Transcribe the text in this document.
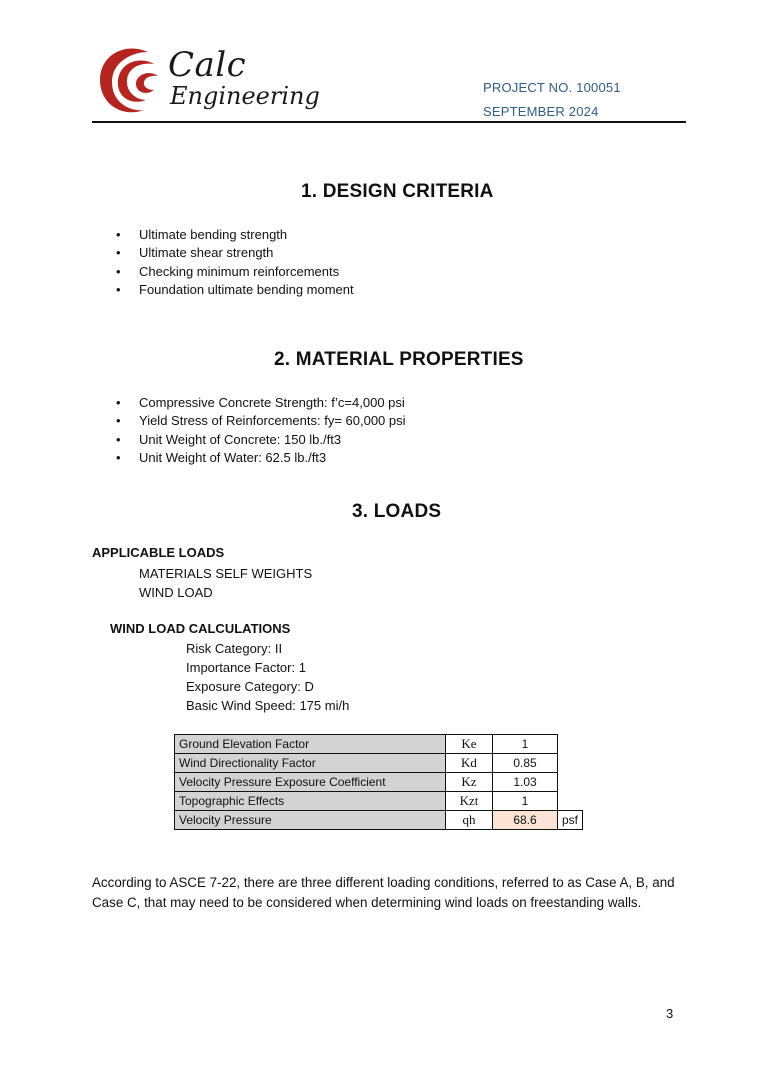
Calc
Engineering	PROJECT NO. 100051
SEPTEMBER 2024
1. DESIGN CRITERIA
• Ultimate bending strength
• Ultimate shear strength
• Checking minimum reinforcements
• Foundation ultimate bending moment
2. MATERIAL PROPERTIES
• Compressive Concrete Strength: f’c=4,000 psi
• Yield Stress of Reinforcements: fy= 60,000 psi
• Unit Weight of Concrete: 150 lb./ft3
• Unit Weight of Water: 62.5 lb./ft3
3. LOADS
APPLICABLE LOADS
MATERIALS SELF WEIGHTS
WIND LOAD
WIND LOAD CALCULATIONS
Risk Category: II
Importance Factor: 1
Exposure Category: D
Basic Wind Speed: 175 mi/h
Ground Elevation Factor	Ke	1	
Wind Directionality Factor	Kd	0.85	
Velocity Pressure Exposure Coefficient	Kz	1.03	
Topographic Effects	Kzt	1	
Velocity Pressure	qh	68.6	psf
According to ASCE 7-22, there are three different loading conditions, referred to as Case A, B, and Case C, that may need to be considered when determining wind loads on freestanding walls.
3
